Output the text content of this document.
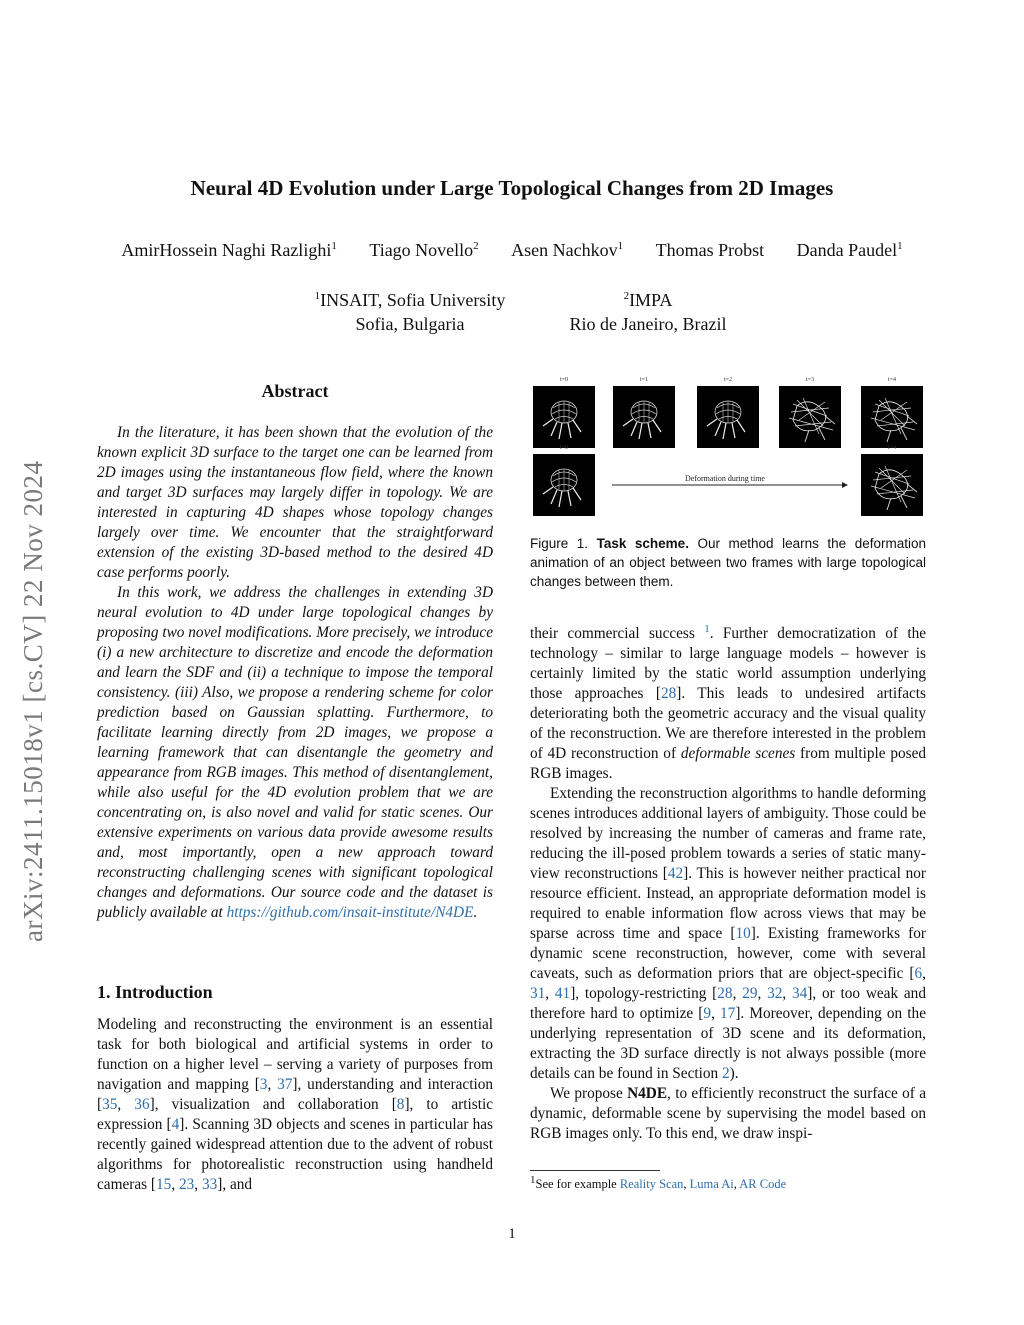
arXiv:2411.15018v1 [cs.CV] 22 Nov 2024
Neural 4D Evolution under Large Topological Changes from 2D Images
AmirHossein Naghi Razlighi$^1$ Tiago Novello$^2$ Asen Nachkov$^1$ Thomas Probst Danda Paudel$^1$
$^1$INSAIT, Sofia University
Sofia, Bulgaria
$^2$IMPA
Rio de Janeiro, Brazil
Abstract

In the literature, it has been shown that the evolution of the known explicit 3D surface to the target one can be learned from 2D images using the instantaneous flow field, where the known and target 3D surfaces may largely differ in topology. We are interested in capturing 4D shapes whose topology changes largely over time. We encounter that the straightforward extension of the existing 3D-based method to the desired 4D case performs poorly.

In this work, we address the challenges in extending 3D neural evolution to 4D under large topological changes by proposing two novel modifications. More precisely, we introduce (i) a new architecture to discretize and encode the deformation and learn the SDF and (ii) a technique to impose the temporal consistency. (iii) Also, we propose a rendering scheme for color prediction based on Gaussian splatting. Furthermore, to facilitate learning directly from 2D images, we propose a learning framework that can disentangle the geometry and appearance from RGB images. This method of disentanglement, while also useful for the 4D evolution problem that we are concentrating on, is also novel and valid for static scenes. Our extensive experiments on various data provide awesome results and, most importantly, open a new approach toward reconstructing challenging scenes with significant topological changes and deformations. Our source code and the dataset is publicly available at https://github.com/insait-institute/N4DE.

1. Introduction

Modeling and reconstructing the environment is an essential task for both biological and artificial systems in order to function on a higher level – serving a variety of purposes from navigation and mapping [3, 37], understanding and interaction [35, 36], visualization and collaboration [8], to artistic expression [4]. Scanning 3D objects and scenes in particular has recently gained widespread attention due to the advent of robust algorithms for photorealistic reconstruction using handheld cameras [15, 23, 33], and

t=0	t=1	t=2	t=3	t=4
t=0	t=4
Deformation during time
Figure 1. Task scheme. Our method learns the deformation animation of an object between two frames with large topological changes between them.

their commercial success $^1$. Further democratization of the technology – similar to large language models – however is certainly limited by the static world assumption underlying those approaches [28]. This leads to undesired artifacts deteriorating both the geometric accuracy and the visual quality of the reconstruction. We are therefore interested in the problem of 4D reconstruction of deformable scenes from multiple posed RGB images.

Extending the reconstruction algorithms to handle deforming scenes introduces additional layers of ambiguity. Those could be resolved by increasing the number of cameras and frame rate, reducing the ill-posed problem towards a series of static many-view reconstructions [42]. This is however neither practical nor resource efficient. Instead, an appropriate deformation model is required to enable information flow across views that may be sparse across time and space [10]. Existing frameworks for dynamic scene reconstruction, however, come with several caveats, such as deformation priors that are object-specific [6, 31, 41], topology-restricting [28, 29, 32, 34], or too weak and therefore hard to optimize [9, 17]. Moreover, depending on the underlying representation of 3D scene and its deformation, extracting the 3D surface directly is not always possible (more details can be found in Section 2).

We propose N4DE, to efficiently reconstruct the surface of a dynamic, deformable scene by supervising the model based on RGB images only. To this end, we draw inspi-

$^1$See for example Reality Scan, Luma Ai, AR Code
1
